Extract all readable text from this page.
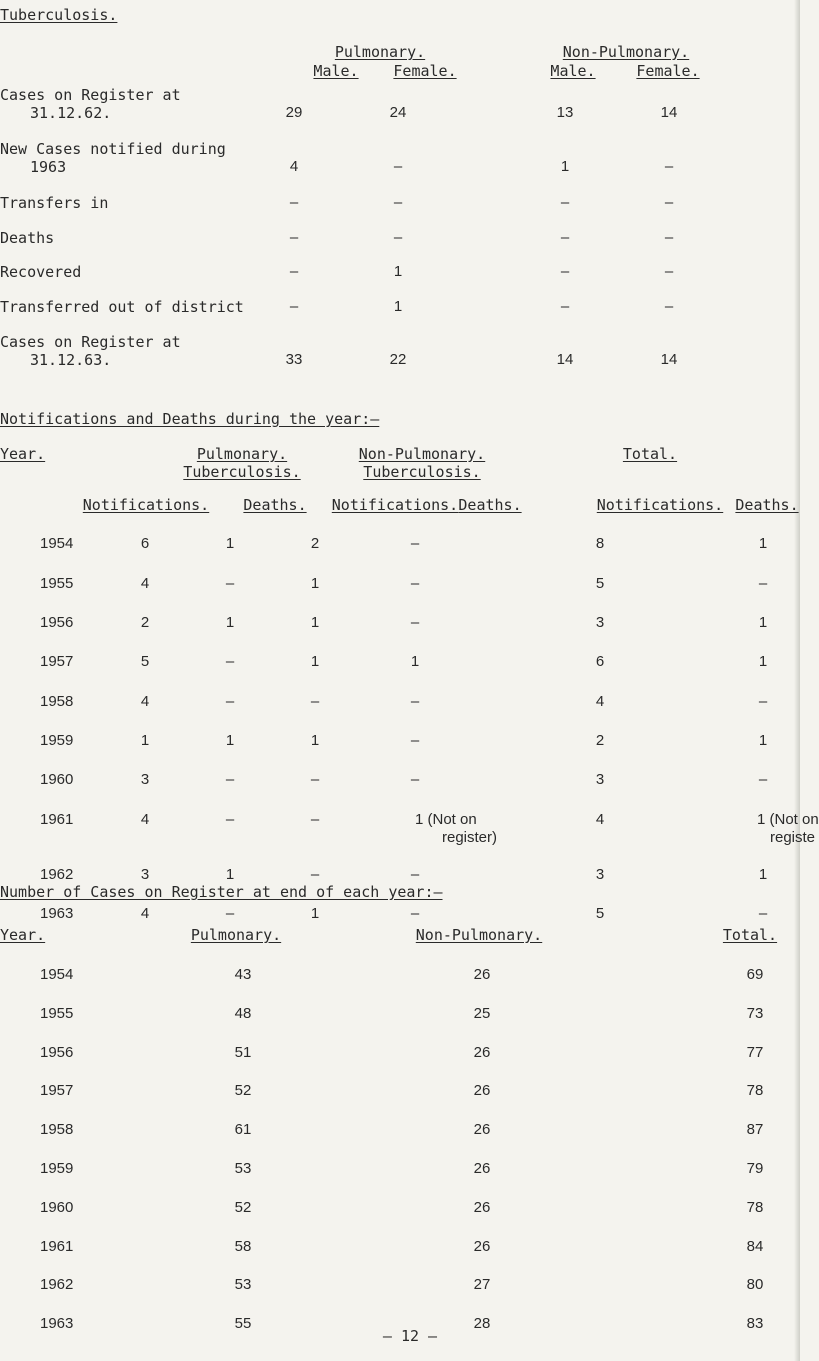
Tuberculosis.
Pulmonary.	Non-Pulmonary.
Male. Female.	Male.	Female.
Cases on Register at
31.12.62.	29	24	13	14
New Cases notified during
1963	4	–	1	–
Transfers in	–	–	–	–
Deaths	–	–	–	–
Recovered	–	1	–	–
Transferred out of district	–	1	–	–
Cases on Register at
31.12.63.	33	22	14	14
Notifications and Deaths during the year:–
Year.	Pulmonary.
Tuberculosis.
Non-Pulmonary.
Tuberculosis.
Total.
Notifications. Deaths. Notifications. Deaths.	Notifications. Deaths.
1954	6	1	2	–	8	1
1955	4	–	1	–	5	–
1956	2	1	1	–	3	1
1957	5	–	1	1	6	1
1958	4	–	–	–	4	–
1959	1	1	1	–	2	1
1960	3	–	–	–	3	–
1961	4	–	–	1 (Not on	4	1 (Not on
register)	registe
1962	3	1	–	–	3	1
1963	4	–	1	–	5	–
Number of Cases on Register at end of each year:–
Year.	Pulmonary.	Non-Pulmonary.	Total.
1954	43	26	69
1955	48	25	73
1956	51	26	77
1957	52	26	78
1958	61	26	87
1959	53	26	79
1960	52	26	78
1961	58	26	84
1962	53	27	80
1963	55	28	83
– 12 –
